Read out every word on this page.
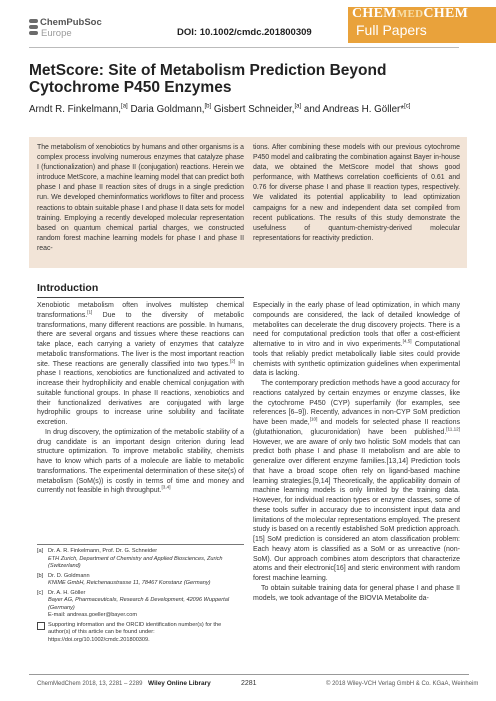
ChemPubSoc
Europe	DOI: 10.1002/cmdc.201800309
CHEMMEDCHEM
Full Papers
MetScore: Site of Metabolism Prediction Beyond
Cytochrome P450 Enzymes
Arndt R. Finkelmann,[a] Daria Goldmann,[b] Gisbert Schneider,[a] and Andreas H. Göller*[c]
The metabolism of xenobiotics by humans and other organisms is a complex process involving numerous enzymes that catalyze phase I (functionalization) and phase II (conjugation) reactions. Herein we introduce MetScore, a machine learning model that can predict both phase I and phase II reaction sites of drugs in a single prediction run. We developed cheminformatics workflows to filter and process reactions to obtain suitable phase I and phase II data sets for model training. Employing a recently developed molecular representation based on quantum chemical partial charges, we constructed random forest machine learning models for phase I and phase II reac-
tions. After combining these models with our previous cytochrome P450 model and calibrating the combination against Bayer in-house data, we obtained the MetScore model that shows good performance, with Matthews correlation coefficients of 0.61 and 0.76 for diverse phase I and phase II reaction types, respectively. We validated its potential applicability to lead optimization campaigns for a new and independent data set compiled from recent publications. The results of this study demonstrate the usefulness of quantum-chemistry-derived molecular representations for reactivity prediction.
Introduction

Xenobiotic metabolism often involves multistep chemical transformations.[1] Due to the diversity of metabolic transformations, many different reactions are possible. In humans, there are several organs and tissues where these reactions can take place, each carrying a variety of enzymes that catalyze metabolic transformations. The liver is the most important reaction site. These reactions are generally classified into two types.[2] In phase I reactions, xenobiotics are functionalized and activated to increase their hydrophilicity and enable chemical conjugation with suitable functional groups. In phase II reactions, xenobiotics and their functionalized derivatives are conjugated with large hydrophilic groups to increase urine solubility and facilitate excretion.

In drug discovery, the optimization of the metabolic stability of a drug candidate is an important design criterion during lead structure optimization. To improve metabolic stability, chemists have to know which parts of a molecule are liable to metabolic transformations. The experimental determination of these site(s) of metabolism (SoM(s)) is costly in terms of time and money and currently not feasible in high throughput.[3,4]

Especially in the early phase of lead optimization, in which many compounds are considered, the lack of detailed knowledge of metabolites can decelerate the drug discovery projects. There is a need for computational prediction tools that offer a cost-efficient alternative to in vitro and in vivo experiments.[4,5] Computational tools that reliably predict metabolically liable sites could provide chemists with synthetic optimization guidelines when experimental data is lacking.

The contemporary prediction methods have a good accuracy for reactions catalyzed by certain enzymes or enzyme classes, like the cytochrome P450 (CYP) superfamily (for examples, see references [6–9]). Recently, advances in non-CYP SoM prediction have been made,[10] and models for selected phase II reactions (glutathionation, glucuronidation) have been published.[11,12] However, we are aware of only two holistic SoM models that can predict both phase I and phase II metabolism and are able to generalize over different enzyme families.[13,14] Prediction tools that have a broad scope often rely on ligand-based machine learning strategies.[9,14] Theoretically, the applicability domain of machine learning models is only limited by the training data. However, for individual reaction types or enzyme classes, some of these tools suffer in accuracy due to inconsistent input data and limitations of the molecular representations employed. The present study is based on a recently established SoM prediction approach.[15] SoM prediction is considered an atom classification problem: Each heavy atom is classified as a SoM or as unreactive (non-SoM). Our approach combines atom descriptors that characterize atoms and their electronic[16] and steric environment with random forest machine learning.

To obtain suitable training data for general phase I and phase II models, we took advantage of the BIOVIA Metabolite da-

[a] Dr. A. R. Finkelmann, Prof. Dr. G. Schneider
ETH Zurich, Department of Chemistry and Applied Biosciences, Zurich (Switzerland)
[b] Dr. D. Goldmann
KNIME GmbH, Reichenaustrasse 11, 78467 Konstanz (Germany)
[c] Dr. A. H. Göller
Bayer AG, Pharmaceuticals, Research & Development, 42096 Wuppertal (Germany)
E-mail: andreas.goeller@bayer.com
Supporting information and the ORCID identification number(s) for the author(s) of this article can be found under: https://doi.org/10.1002/cmdc.201800309.
ChemMedChem 2018, 13, 2281 – 2289 Wiley Online Library	2281	© 2018 Wiley-VCH Verlag GmbH & Co. KGaA, Weinheim
